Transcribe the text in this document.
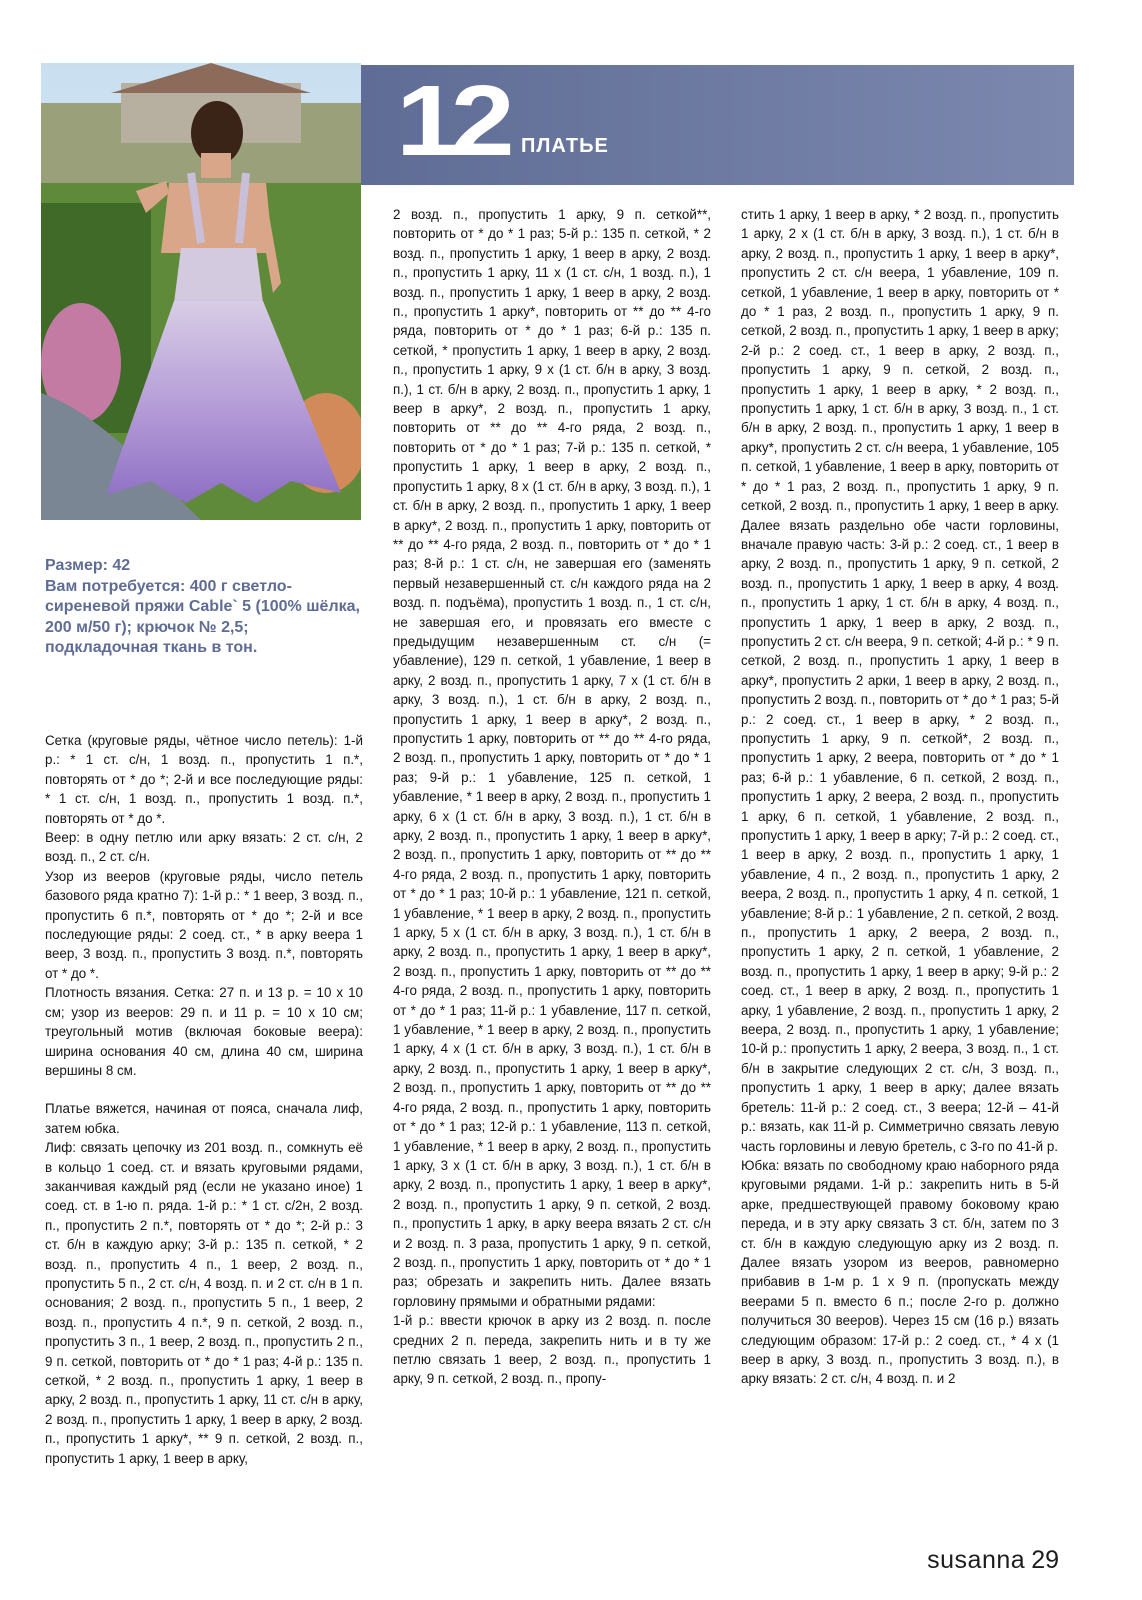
12 ПЛАТЬЕ
Размер: 42
Вам потребуется: 400 г светло-сиреневой пряжи Cable` 5 (100% шёлка, 200 м/50 г); крючок № 2,5; подкладочная ткань в тон.

Сетка (круговые ряды, чётное число петель): 1-й р.: * 1 ст. с/н, 1 возд. п., пропустить 1 п.*, повторять от * до *; 2-й и все последующие ряды: * 1 ст. с/н, 1 возд. п., пропустить 1 возд. п.*, повторять от * до *.

Веер: в одну петлю или арку вязать: 2 ст. с/н, 2 возд. п., 2 ст. с/н.

Узор из вееров (круговые ряды, число петель базового ряда кратно 7): 1-й р.: * 1 веер, 3 возд. п., пропустить 6 п.*, повторять от * до *; 2-й и все последующие ряды: 2 соед. ст., * в арку веера 1 веер, 3 возд. п., пропустить 3 возд. п.*, повторять от * до *.

Плотность вязания. Сетка: 27 п. и 13 р. = 10 х 10 см; узор из вееров: 29 п. и 11 р. = 10 х 10 см; треугольный мотив (включая боковые веера): ширина основания 40 см, длина 40 см, ширина вершины 8 см.

Платье вяжется, начиная от пояса, сначала лиф, затем юбка.

Лиф: связать цепочку из 201 возд. п., сомкнуть её в кольцо 1 соед. ст. и вязать круговыми рядами, заканчивая каждый ряд (если не указано иное) 1 соед. ст. в 1-ю п. ряда. 1-й р.: * 1 ст. с/2н, 2 возд. п., пропустить 2 п.*, повторять от * до *; 2-й р.: 3 ст. б/н в каждую арку; 3-й р.: 135 п. сеткой, * 2 возд. п., пропустить 4 п., 1 веер, 2 возд. п., пропустить 5 п., 2 ст. с/н, 4 возд. п. и 2 ст. с/н в 1 п. основания; 2 возд. п., пропустить 5 п., 1 веер, 2 возд. п., пропустить 4 п.*, 9 п. сеткой, 2 возд. п., пропустить 3 п., 1 веер, 2 возд. п., пропустить 2 п., 9 п. сеткой, повторить от * до * 1 раз; 4-й р.: 135 п. сеткой, * 2 возд. п., пропустить 1 арку, 1 веер в арку, 2 возд. п., пропустить 1 арку, 11 ст. с/н в арку, 2 возд. п., пропустить 1 арку, 1 веер в арку, 2 возд. п., пропустить 1 арку*, ** 9 п. сеткой, 2 возд. п., пропустить 1 арку, 1 веер в арку,

2 возд. п., пропустить 1 арку, 9 п. сеткой**, повторить от * до * 1 раз; 5-й р.: 135 п. сеткой, * 2 возд. п., пропустить 1 арку, 1 веер в арку, 2 возд. п., пропустить 1 арку, 11 х (1 ст. с/н, 1 возд. п.), 1 возд. п., пропустить 1 арку, 1 веер в арку, 2 возд. п., пропустить 1 арку*, повторить от ** до ** 4-го ряда, повторить от * до * 1 раз; 6-й р.: 135 п. сеткой, * пропустить 1 арку, 1 веер в арку, 2 возд. п., пропустить 1 арку, 9 х (1 ст. б/н в арку, 3 возд. п.), 1 ст. б/н в арку, 2 возд. п., пропустить 1 арку, 1 веер в арку*, 2 возд. п., пропустить 1 арку, повторить от ** до ** 4-го ряда, 2 возд. п., повторить от * до * 1 раз; 7-й р.: 135 п. сеткой, * пропустить 1 арку, 1 веер в арку, 2 возд. п., пропустить 1 арку, 8 х (1 ст. б/н в арку, 3 возд. п.), 1 ст. б/н в арку, 2 возд. п., пропустить 1 арку, 1 веер в арку*, 2 возд. п., пропустить 1 арку, повторить от ** до ** 4-го ряда, 2 возд. п., повторить от * до * 1 раз; 8-й р.: 1 ст. с/н, не завершая его (заменять первый незавершенный ст. с/н каждого ряда на 2 возд. п. подъёма), пропустить 1 возд. п., 1 ст. с/н, не завершая его, и провязать его вместе с предыдущим незавершенным ст. с/н (= убавление), 129 п. сеткой, 1 убавление, 1 веер в арку, 2 возд. п., пропустить 1 арку, 7 х (1 ст. б/н в арку, 3 возд. п.), 1 ст. б/н в арку, 2 возд. п., пропустить 1 арку, 1 веер в арку*, 2 возд. п., пропустить 1 арку, повторить от ** до ** 4-го ряда, 2 возд. п., пропустить 1 арку, повторить от * до * 1 раз; 9-й р.: 1 убавление, 125 п. сеткой, 1 убавление, * 1 веер в арку, 2 возд. п., пропустить 1 арку, 6 х (1 ст. б/н в арку, 3 возд. п.), 1 ст. б/н в арку, 2 возд. п., пропустить 1 арку, 1 веер в арку*, 2 возд. п., пропустить 1 арку, повторить от ** до ** 4-го ряда, 2 возд. п., пропустить 1 арку, повторить от * до * 1 раз; 10-й р.: 1 убавление, 121 п. сеткой, 1 убавление, * 1 веер в арку, 2 возд. п., пропустить 1 арку, 5 х (1 ст. б/н в арку, 3 возд. п.), 1 ст. б/н в арку, 2 возд. п., пропустить 1 арку, 1 веер в арку*, 2 возд. п., пропустить 1 арку, повторить от ** до ** 4-го ряда, 2 возд. п., пропустить 1 арку, повторить от * до * 1 раз; 11-й р.: 1 убавление, 117 п. сеткой, 1 убавление, * 1 веер в арку, 2 возд. п., пропустить 1 арку, 4 х (1 ст. б/н в арку, 3 возд. п.), 1 ст. б/н в арку, 2 возд. п., пропустить 1 арку, 1 веер в арку*, 2 возд. п., пропустить 1 арку, повторить от ** до ** 4-го ряда, 2 возд. п., пропустить 1 арку, повторить от * до * 1 раз; 12-й р.: 1 убавление, 113 п. сеткой, 1 убавление, * 1 веер в арку, 2 возд. п., пропустить 1 арку, 3 х (1 ст. б/н в арку, 3 возд. п.), 1 ст. б/н в арку, 2 возд. п., пропустить 1 арку, 1 веер в арку*, 2 возд. п., пропустить 1 арку, 9 п. сеткой, 2 возд. п., пропустить 1 арку, в арку веера вязать 2 ст. с/н и 2 возд. п. 3 раза, пропустить 1 арку, 9 п. сеткой, 2 возд. п., пропустить 1 арку, повторить от * до * 1 раз; обрезать и закрепить нить. Далее вязать горловину прямыми и обратными рядами:

1-й р.: ввести крючок в арку из 2 возд. п. после средних 2 п. переда, закрепить нить и в ту же петлю связать 1 веер, 2 возд. п., пропустить 1 арку, 9 п. сеткой, 2 возд. п., пропу-

стить 1 арку, 1 веер в арку, * 2 возд. п., пропустить 1 арку, 2 х (1 ст. б/н в арку, 3 возд. п.), 1 ст. б/н в арку, 2 возд. п., пропустить 1 арку, 1 веер в арку*, пропустить 2 ст. с/н веера, 1 убавление, 109 п. сеткой, 1 убавление, 1 веер в арку, повторить от * до * 1 раз, 2 возд. п., пропустить 1 арку, 9 п. сеткой, 2 возд. п., пропустить 1 арку, 1 веер в арку; 2-й р.: 2 соед. ст., 1 веер в арку, 2 возд. п., пропустить 1 арку, 9 п. сеткой, 2 возд. п., пропустить 1 арку, 1 веер в арку, * 2 возд. п., пропустить 1 арку, 1 ст. б/н в арку, 3 возд. п., 1 ст. б/н в арку, 2 возд. п., пропустить 1 арку, 1 веер в арку*, пропустить 2 ст. с/н веера, 1 убавление, 105 п. сеткой, 1 убавление, 1 веер в арку, повторить от * до * 1 раз, 2 возд. п., пропустить 1 арку, 9 п. сеткой, 2 возд. п., пропустить 1 арку, 1 веер в арку. Далее вязать раздельно обе части горловины, вначале правую часть: 3-й р.: 2 соед. ст., 1 веер в арку, 2 возд. п., пропустить 1 арку, 9 п. сеткой, 2 возд. п., пропустить 1 арку, 1 веер в арку, 4 возд. п., пропустить 1 арку, 1 ст. б/н в арку, 4 возд. п., пропустить 1 арку, 1 веер в арку, 2 возд. п., пропустить 2 ст. с/н веера, 9 п. сеткой; 4-й р.: * 9 п. сеткой, 2 возд. п., пропустить 1 арку, 1 веер в арку*, пропустить 2 арки, 1 веер в арку, 2 возд. п., пропустить 2 возд. п., повторить от * до * 1 раз; 5-й р.: 2 соед. ст., 1 веер в арку, * 2 возд. п., пропустить 1 арку, 9 п. сеткой*, 2 возд. п., пропустить 1 арку, 2 веера, повторить от * до * 1 раз; 6-й р.: 1 убавление, 6 п. сеткой, 2 возд. п., пропустить 1 арку, 2 веера, 2 возд. п., пропустить 1 арку, 6 п. сеткой, 1 убавление, 2 возд. п., пропустить 1 арку, 1 веер в арку; 7-й р.: 2 соед. ст., 1 веер в арку, 2 возд. п., пропустить 1 арку, 1 убавление, 4 п., 2 возд. п., пропустить 1 арку, 2 веера, 2 возд. п., пропустить 1 арку, 4 п. сеткой, 1 убавление; 8-й р.: 1 убавление, 2 п. сеткой, 2 возд. п., пропустить 1 арку, 2 веера, 2 возд. п., пропустить 1 арку, 2 п. сеткой, 1 убавление, 2 возд. п., пропустить 1 арку, 1 веер в арку; 9-й р.: 2 соед. ст., 1 веер в арку, 2 возд. п., пропустить 1 арку, 1 убавление, 2 возд. п., пропустить 1 арку, 2 веера, 2 возд. п., пропустить 1 арку, 1 убавление; 10-й р.: пропустить 1 арку, 2 веера, 3 возд. п., 1 ст. б/н в закрытие следующих 2 ст. с/н, 3 возд. п., пропустить 1 арку, 1 веер в арку; далее вязать бретель: 11-й р.: 2 соед. ст., 3 веера; 12-й – 41-й р.: вязать, как 11-й р. Симметрично связать левую часть горловины и левую бретель, с 3-го по 41-й р.

Юбка: вязать по свободному краю наборного ряда круговыми рядами. 1-й р.: закрепить нить в 5-й арке, предшествующей правому боковому краю переда, и в эту арку связать 3 ст. б/н, затем по 3 ст. б/н в каждую следующую арку из 2 возд. п. Далее вязать узором из вееров, равномерно прибавив в 1-м р. 1 х 9 п. (пропускать между веерами 5 п. вместо 6 п.; после 2-го р. должно получиться 30 вееров). Через 15 см (16 р.) вязать следующим образом: 17-й р.: 2 соед. ст., * 4 х (1 веер в арку, 3 возд. п., пропустить 3 возд. п.), в арку вязать: 2 ст. с/н, 4 возд. п. и 2

susanna 29
